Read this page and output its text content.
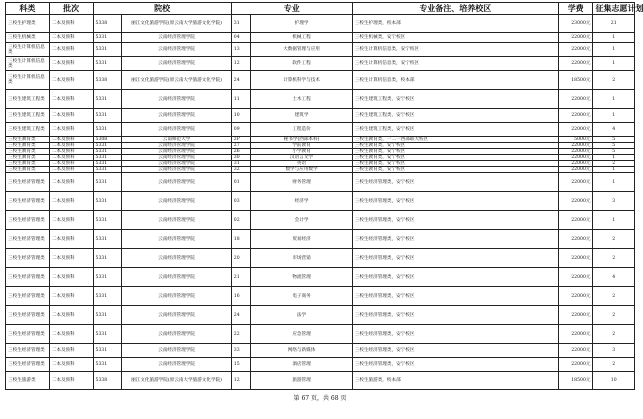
科类	批次	院校		专业		专业备注、培养校区	学费	征集志愿计划
三校生护理类	二本及预科	5338	丽江文化旅游学院(原云南大学旅游文化学院)	31	护理学	三校生护理类，校本部	23000元	21
三校生机械类	二本及预科	5331	云南经济管理学院	04	机械工程	三校生机械类，安宁校区	22000元	1
三校生计算机信息类	二本及预科	5331	云南经济管理学院	13	大数据管理与应用	三校生计算机信息类，安宁校区	22000元	1
三校生计算机信息类	二本及预科	5331	云南经济管理学院	12	软件工程	三校生计算机信息类，安宁校区	22000元	1
三校生计算机信息类	二本及预科	5338	丽江文化旅游学院(原云南大学旅游文化学院)	24	计算机科学与技术	三校生计算机信息类，校本部	18500元	2
三校生建筑工程类	二本及预科	5331	云南经济管理学院	11	土木工程	三校生建筑工程类，安宁校区	22000元	1
三校生建筑工程类	二本及预科	5331	云南经济管理学院	10	建筑学	三校生建筑工程类，安宁校区	22000元	1
三校生建筑工程类	二本及预科	5331	云南经济管理学院	09	工程造价	三校生建筑工程类，安宁校区	22000元	4
三校生教育类	二本及预科	5308	云南师范大学	2P	秘书学(西部本科)	三校生教育类，一二一西部联大校区	5000元	5
三校生教育类	二本及预科	5331	云南经济管理学院	27	学前教育	三校生教育类，安宁校区	22000元	5
三校生教育类	二本及预科	5331	云南经济管理学院	26	小学教育	三校生教育类，安宁校区	22000元	5
三校生教育类	二本及预科	5331	云南经济管理学院	30	汉语言文学	三校生教育类，安宁校区	22000元	1
三校生教育类	二本及预科	5331	云南经济管理学院	31	英语	三校生教育类，安宁校区	22000元	2
三校生教育类	二本及预科	5331	云南经济管理学院	32	数学与应用数学	三校生教育类，安宁校区	22000元	1
三校生经济管理类	二本及预科	5331	云南经济管理学院	01	财务管理	三校生经济管理类，安宁校区	22000元	1
三校生经济管理类	二本及预科	5331	云南经济管理学院	03	经济学	三校生经济管理类，安宁校区	22000元	3
三校生经济管理类	二本及预科	5331	云南经济管理学院	02	会计学	三校生经济管理类，安宁校区	22000元	1
三校生经济管理类	二本及预科	5331	云南经济管理学院	18	贸易经济	三校生经济管理类，安宁校区	22000元	2
三校生经济管理类	二本及预科	5331	云南经济管理学院	20	市场营销	三校生经济管理类，安宁校区	22000元	2
三校生经济管理类	二本及预科	5331	云南经济管理学院	21	物流管理	三校生经济管理类，安宁校区	22000元	4
三校生经济管理类	二本及预科	5331	云南经济管理学院	16	电子商务	三校生经济管理类，安宁校区	22000元	2
三校生经济管理类	二本及预科	5331	云南经济管理学院	24	法学	三校生经济管理类，安宁校区	22000元	2
三校生经济管理类	二本及预科	5331	云南经济管理学院	22	应急管理	三校生经济管理类，安宁校区	22000元	2
三校生经济管理类	二本及预科	5331	云南经济管理学院	33	网络与新媒体	三校生经济管理类，安宁校区	22000元	3
三校生经济管理类	二本及预科	5331	云南经济管理学院	15	酒店管理	三校生经济管理类，安宁校区	22000元	2
三校生旅游类	二本及预科	5338	丽江文化旅游学院(原云南大学旅游文化学院)	12	旅游管理	三校生旅游类，校本部	18500元	10
第 67 页，共 68 页
